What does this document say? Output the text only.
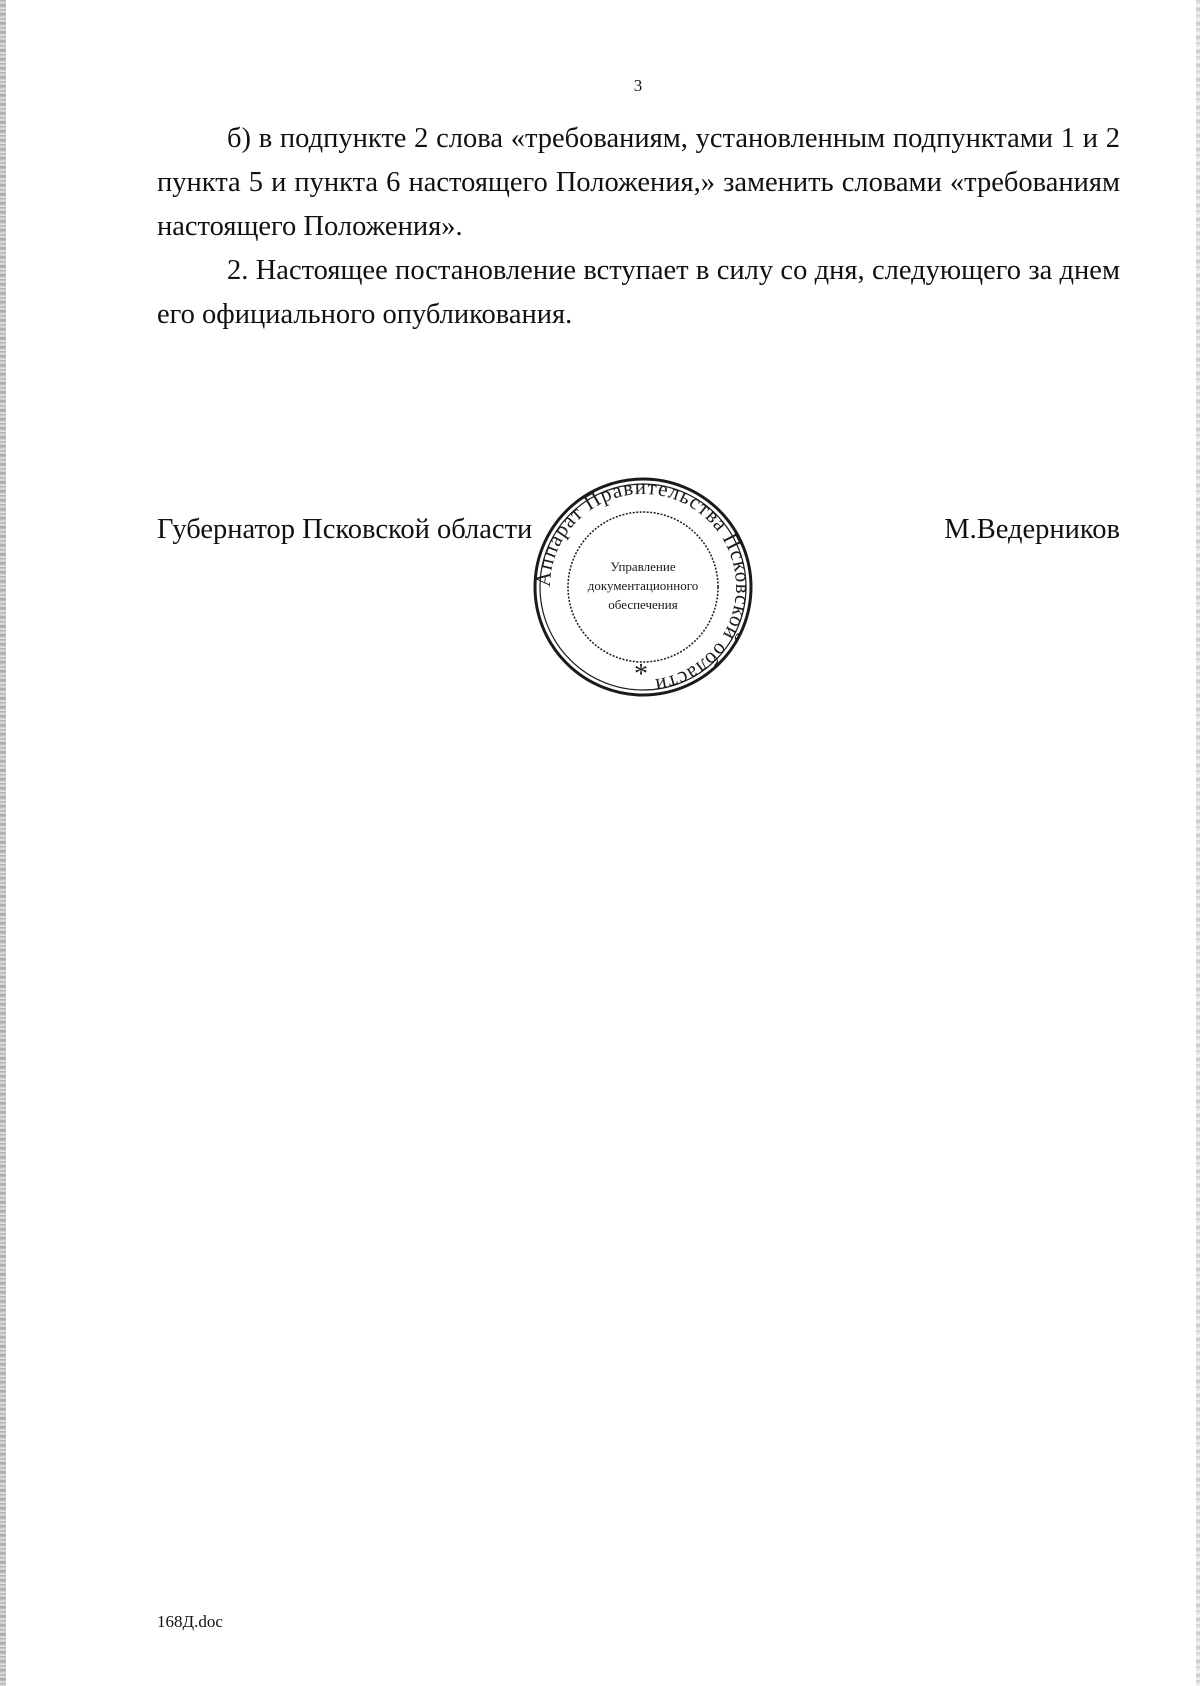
3

б) в подпункте 2 слова «требованиям, установленным подпунктами 1 и 2 пункта 5 и пункта 6 настоящего Положения,» заменить словами «требованиям настоящего Положения».

2. Настоящее постановление вступает в силу со дня, следующего за днем его официального опубликования.

Губернатор Псковской области	М.Ведерников
Аппарат Правительства Псковской области
Управление
документационного
обеспечения
*
168Д.doc
